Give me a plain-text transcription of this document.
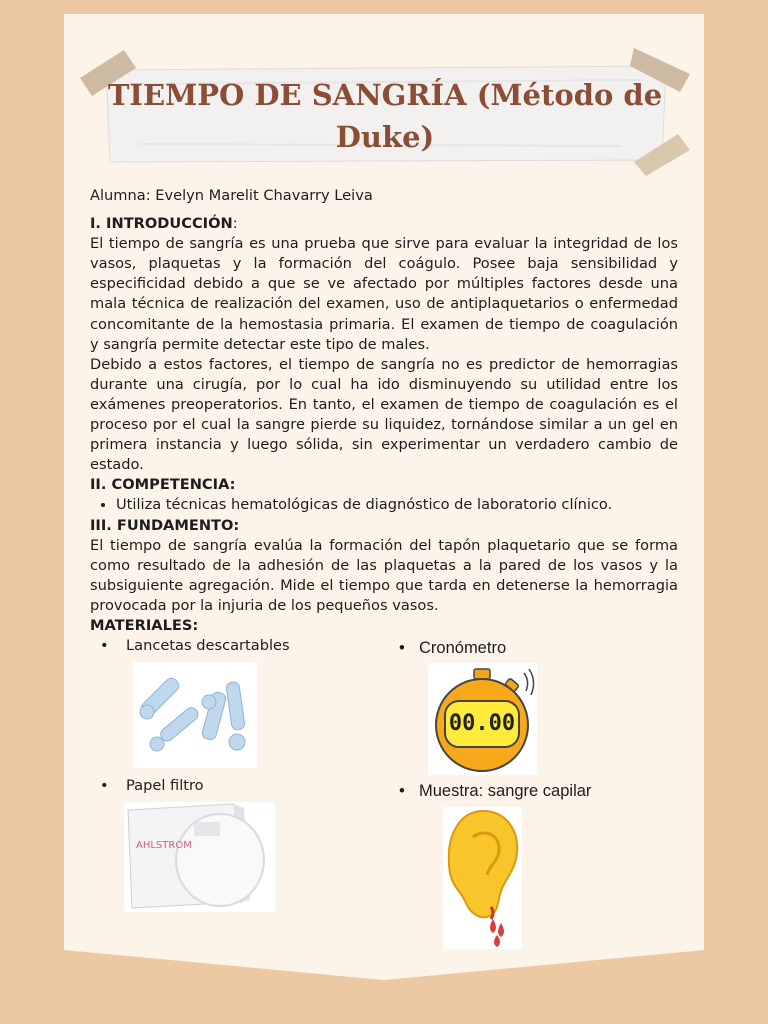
TIEMPO DE SANGRÍA (Método de Duke)
Alumna: Evelyn Marelit Chavarry Leiva
I. INTRODUCCIÓN:

El tiempo de sangría es una prueba que sirve para evaluar la integridad de los vasos, plaquetas y la formación del coágulo. Posee baja sensibilidad y especificidad debido a que se ve afectado por múltiples factores desde una mala técnica de realización del examen, uso de antiplaquetarios o enfermedad concomitante de la hemostasia primaria. El examen de tiempo de coagulación y sangría permite detectar este tipo de males.

Debido a estos factores, el tiempo de sangría no es predictor de hemorragias durante una cirugía, por lo cual ha ido disminuyendo su utilidad entre los exámenes preoperatorios. En tanto, el examen de tiempo de coagulación es el proceso por el cual la sangre pierde su liquidez, tornándose similar a un gel en primera instancia y luego sólida, sin experimentar un verdadero cambio de estado.

II. COMPETENCIA:
• Utiliza técnicas hematológicas de diagnóstico de laboratorio clínico.
III. FUNDAMENTO:

El tiempo de sangría evalúa la formación del tapón plaquetario que se forma como resultado de la adhesión de las plaquetas a la pared de los vasos y la subsiguiente agregación. Mide el tiempo que tarda en detenerse la hemorragia provocada por la injuria de los pequeños vasos.

MATERIALES:
• Lancetas descartables	• Cronómetro
• Papel filtro	• Muestra: sangre capilar
00.00
AHLSTROM
